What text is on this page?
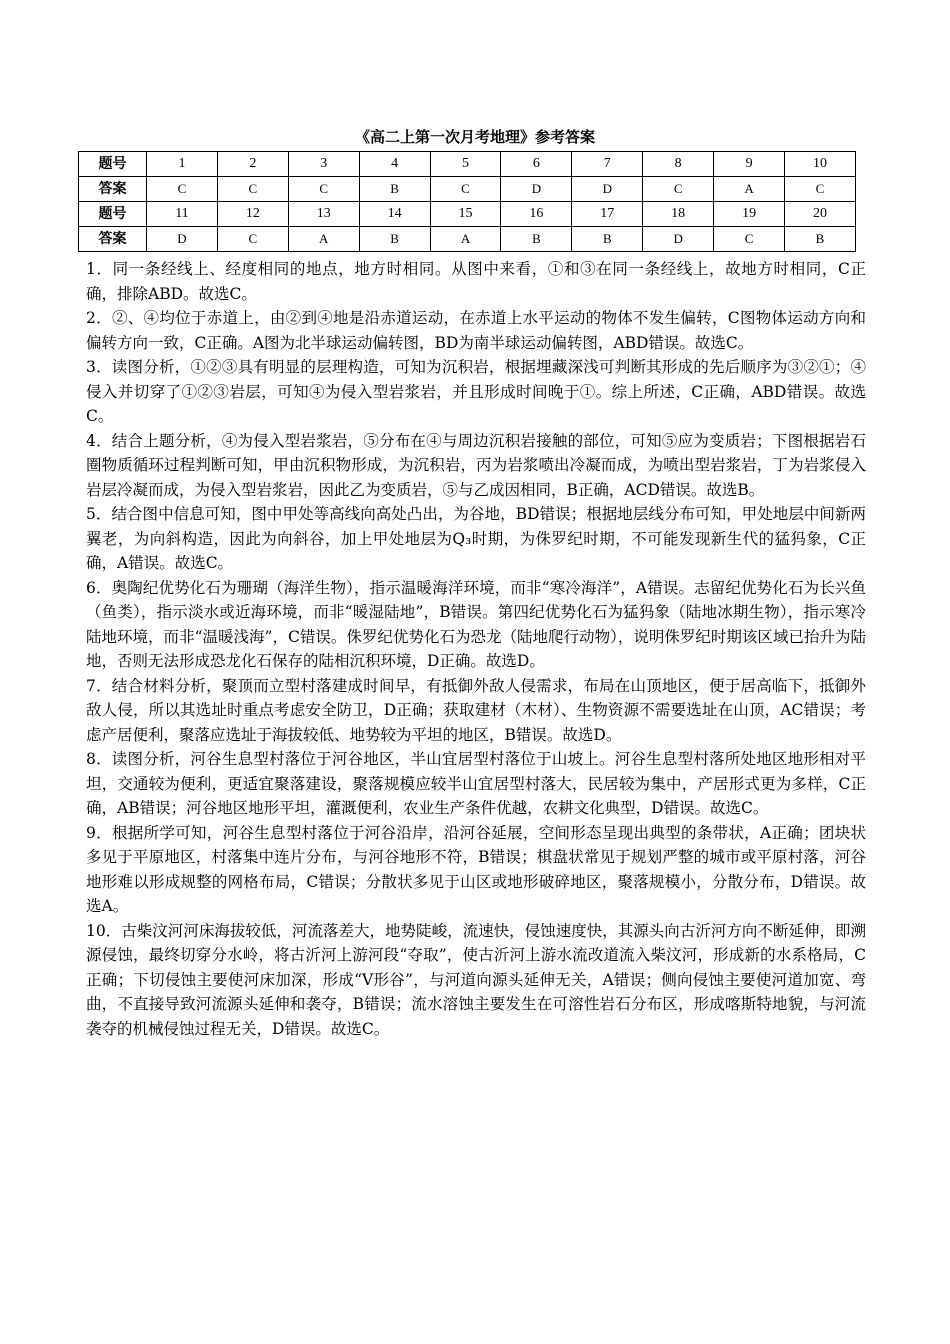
《高二上第一次月考地理》参考答案
题号	1	2	3	4	5	6	7	8	9	10
答案	C	C	C	B	C	D	D	C	A	C
题号	11	12	13	14	15	16	17	18	19	20
答案	D	C	A	B	A	B	B	D	C	B

1．同一条经线上、经度相同的地点，地方时相同。从图中来看，①和③在同一条经线上，故地方时相同，C正确，排除ABD。故选C。

2．②、④均位于赤道上，由②到④地是沿赤道运动，在赤道上水平运动的物体不发生偏转，C图物体运动方向和偏转方向一致，C正确。A图为北半球运动偏转图，BD为南半球运动偏转图，ABD错误。故选C。

3．读图分析，①②③具有明显的层理构造，可知为沉积岩，根据埋藏深浅可判断其形成的先后顺序为③②①；④侵入并切穿了①②③岩层，可知④为侵入型岩浆岩，并且形成时间晚于①。综上所述，C正确，ABD错误。故选C。

4．结合上题分析，④为侵入型岩浆岩，⑤分布在④与周边沉积岩接触的部位，可知⑤应为变质岩；下图根据岩石圈物质循环过程判断可知，甲由沉积物形成，为沉积岩，丙为岩浆喷出冷凝而成，为喷出型岩浆岩，丁为岩浆侵入岩层冷凝而成，为侵入型岩浆岩，因此乙为变质岩，⑤与乙成因相同，B正确，ACD错误。故选B。

5．结合图中信息可知，图中甲处等高线向高处凸出，为谷地，BD错误；根据地层线分布可知，甲处地层中间新两翼老，为向斜构造，因此为向斜谷，加上甲处地层为Q₃时期，为侏罗纪时期，不可能发现新生代的猛犸象，C正确，A错误。故选C。

6．奥陶纪优势化石为珊瑚（海洋生物），指示温暖海洋环境，而非“寒冷海洋”，A错误。志留纪优势化石为长兴鱼（鱼类），指示淡水或近海环境，而非“暖湿陆地”，B错误。第四纪优势化石为猛犸象（陆地冰期生物），指示寒冷陆地环境，而非“温暖浅海”，C错误。侏罗纪优势化石为恐龙（陆地爬行动物），说明侏罗纪时期该区域已抬升为陆地，否则无法形成恐龙化石保存的陆相沉积环境，D正确。故选D。

7．结合材料分析，聚顶而立型村落建成时间早，有抵御外敌人侵需求，布局在山顶地区，便于居高临下，抵御外敌人侵，所以其选址时重点考虑安全防卫，D正确；获取建材（木材）、生物资源不需要选址在山顶，AC错误；考虑产居便利，聚落应选址于海拔较低、地势较为平坦的地区，B错误。故选D。

8．读图分析，河谷生息型村落位于河谷地区，半山宜居型村落位于山坡上。河谷生息型村落所处地区地形相对平坦，交通较为便利，更适宜聚落建设，聚落规模应较半山宜居型村落大，民居较为集中，产居形式更为多样，C正确，AB错误；河谷地区地形平坦，灌溉便利，农业生产条件优越，农耕文化典型，D错误。故选C。

9．根据所学可知，河谷生息型村落位于河谷沿岸，沿河谷延展，空间形态呈现出典型的条带状，A正确；团块状多见于平原地区，村落集中连片分布，与河谷地形不符，B错误；棋盘状常见于规划严整的城市或平原村落，河谷地形难以形成规整的网格布局，C错误；分散状多见于山区或地形破碎地区，聚落规模小，分散分布，D错误。故选A。

10．古柴汶河河床海拔较低，河流落差大，地势陡峻，流速快，侵蚀速度快，其源头向古沂河方向不断延伸，即溯源侵蚀，最终切穿分水岭，将古沂河上游河段“夺取”，使古沂河上游水流改道流入柴汶河，形成新的水系格局，C正确；下切侵蚀主要使河床加深，形成“V形谷”，与河道向源头延伸无关，A错误；侧向侵蚀主要使河道加宽、弯曲，不直接导致河流源头延伸和袭夺，B错误；流水溶蚀主要发生在可溶性岩石分布区，形成喀斯特地貌，与河流袭夺的机械侵蚀过程无关，D错误。故选C。
